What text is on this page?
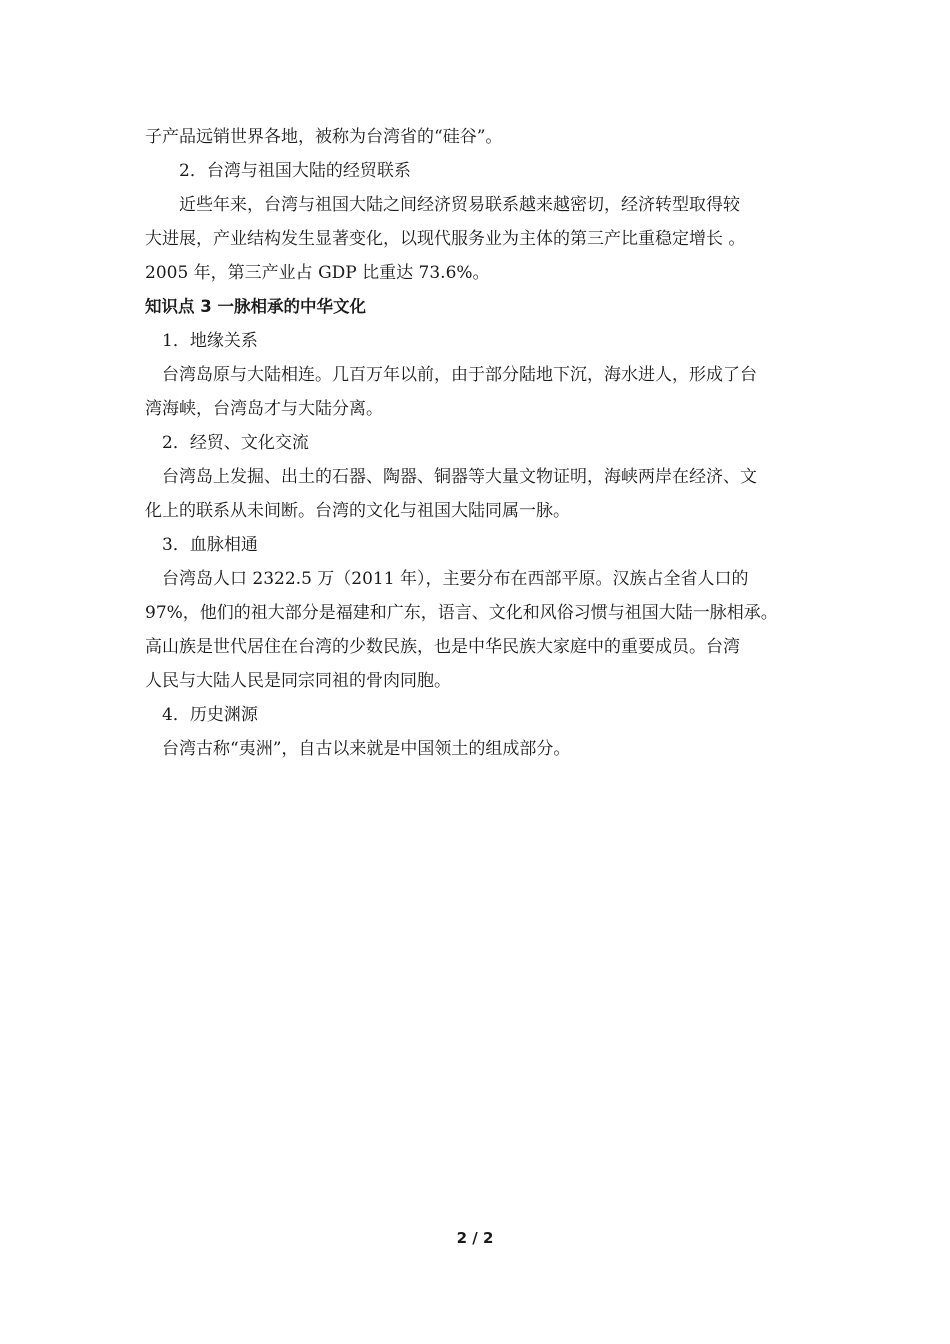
子产品远销世界各地，被称为台湾省的“硅谷”。

2．台湾与祖国大陆的经贸联系

近些年来，台湾与祖国大陆之间经济贸易联系越来越密切，经济转型取得较

大进展，产业结构发生显著变化，以现代服务业为主体的第三产比重稳定增长 。

2005 年，第三产业占 GDP 比重达 73.6%。

知识点 3 一脉相承的中华文化

1．地缘关系

台湾岛原与大陆相连。几百万年以前，由于部分陆地下沉，海水进人，形成了台

湾海峡，台湾岛才与大陆分离。

2．经贸、文化交流

台湾岛上发掘、出土的石器、陶器、铜器等大量文物证明，海峡两岸在经济、文

化上的联系从未间断。台湾的文化与祖国大陆同属一脉。

3．血脉相通

台湾岛人口 2322.5 万（2011 年），主要分布在西部平原。汉族占全省人口的

97%，他们的祖大部分是福建和广东，语言、文化和风俗习惯与祖国大陆一脉相承。

高山族是世代居住在台湾的少数民族，也是中华民族大家庭中的重要成员。台湾

人民与大陆人民是同宗同祖的骨肉同胞。

4．历史渊源

台湾古称“夷洲”，自古以来就是中国领土的组成部分。

2 / 2
